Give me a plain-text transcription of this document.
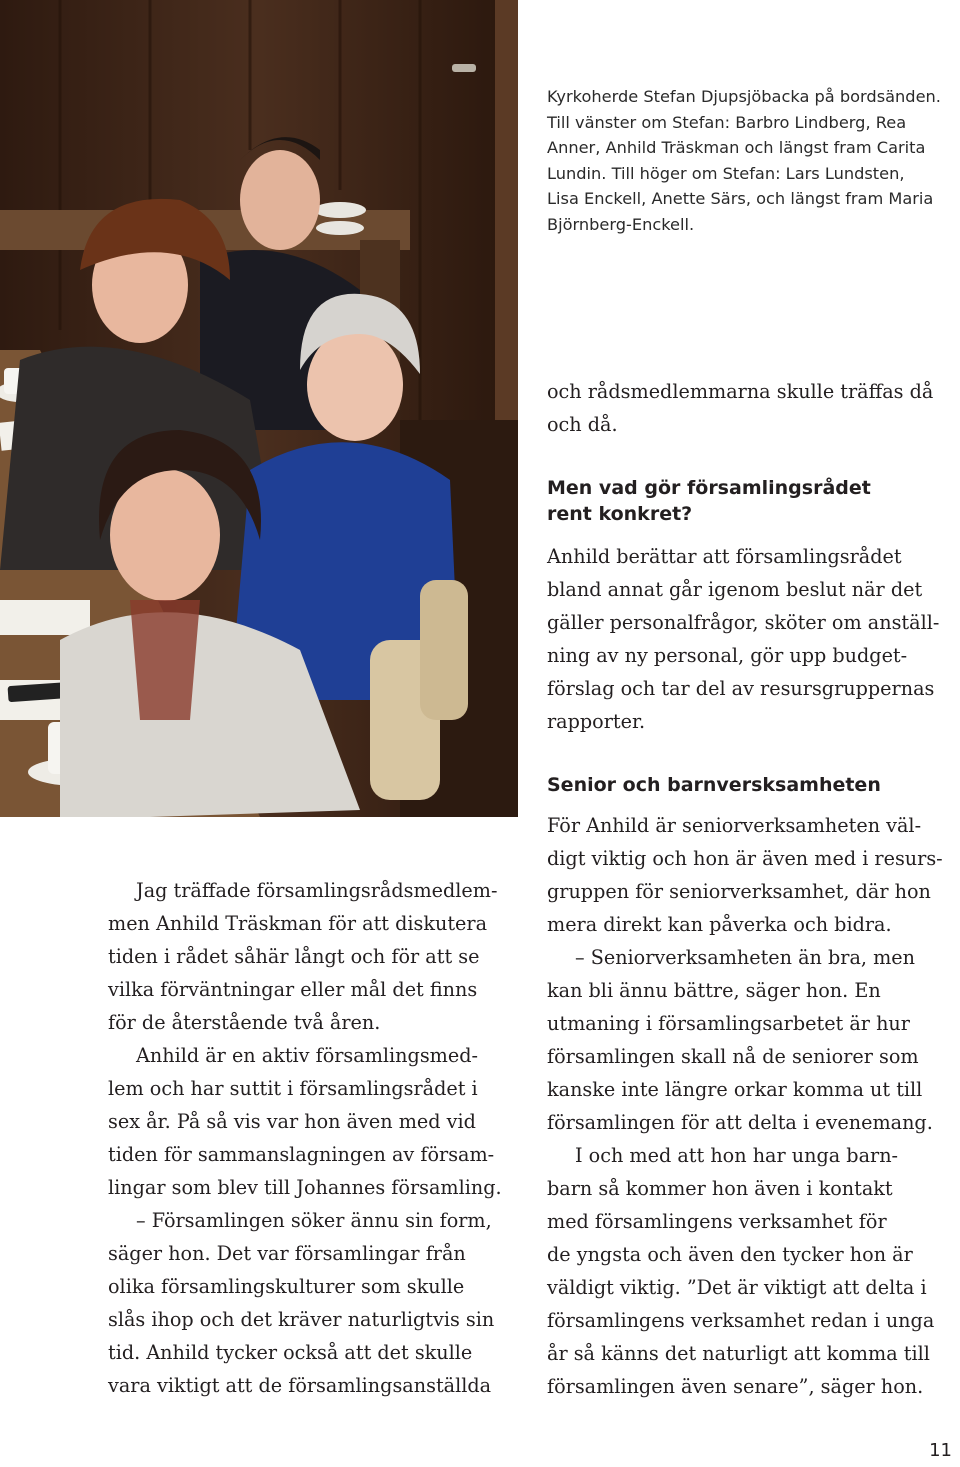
Kyrkoherde Stefan Djupsjöbacka på bordsänden.
Till vänster om Stefan: Barbro Lindberg, Rea
Anner, Anhild Träskman och längst fram Carita
Lundin. Till höger om Stefan: Lars Lundsten,
Lisa Enckell, Anette Särs, och längst fram Maria
Björnberg-Enckell.

och rådsmedlemmarna skulle träffas då
och då.
Men vad gör församlingsrådet
rent konkret?
Anhild berättar att församlingsrådet
bland annat går igenom beslut när det
gäller personalfrågor, sköter om anställ-
ning av ny personal, gör upp budget-
förslag och tar del av resursgruppernas
rapporter.
Senior och barnversksamheten
För Anhild är seniorverksamheten väl-
digt viktig och hon är även med i resurs-
gruppen för seniorverksamhet, där hon
mera direkt kan påverka och bidra.
– Seniorverksamheten än bra, men
kan bli ännu bättre, säger hon. En
utmaning i församlingsarbetet är hur
församlingen skall nå de seniorer som
kanske inte längre orkar komma ut till
församlingen för att delta i evenemang.
I och med att hon har unga barn-
barn så kommer hon även i kontakt
med församlingens verksamhet för
de yngsta och även den tycker hon är
väldigt viktig. ”Det är viktigt att delta i
församlingens verksamhet redan i unga
år så känns det naturligt att komma till
församlingen även senare”, säger hon.
Jag träffade församlingsrådsmedlem-
men Anhild Träskman för att diskutera
tiden i rådet såhär långt och för att se
vilka förväntningar eller mål det finns
för de återstående två åren.
Anhild är en aktiv församlingsmed-
lem och har suttit i församlingsrådet i
sex år. På så vis var hon även med vid
tiden för sammanslagningen av försam-
lingar som blev till Johannes församling.
– Församlingen söker ännu sin form,
säger hon. Det var församlingar från
olika församlingskulturer som skulle
slås ihop och det kräver naturligtvis sin
tid. Anhild tycker också att det skulle
vara viktigt att de församlingsanställda
11
